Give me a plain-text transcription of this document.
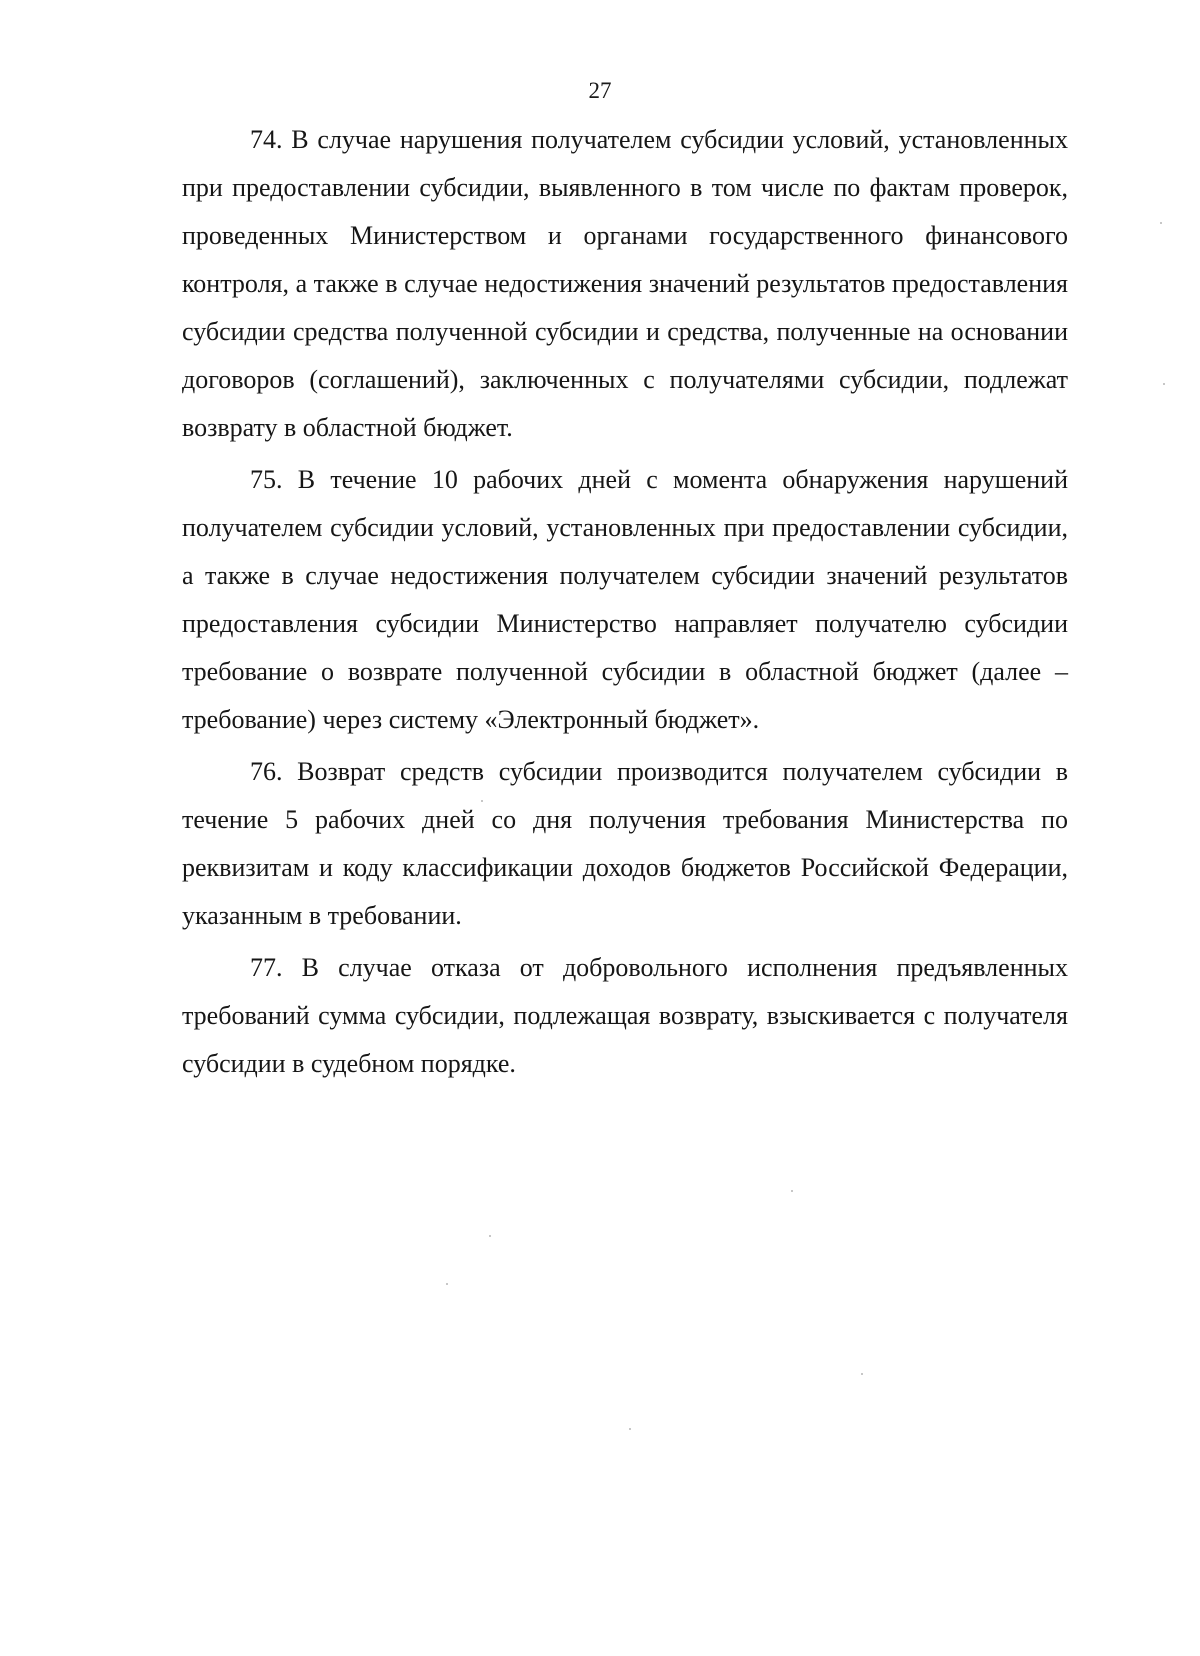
27

74. В случае нарушения получателем субсидии условий, установленных при предоставлении субсидии, выявленного в том числе по фактам проверок, проведенных Министерством и органами государственного финансового контроля, а также в случае недостижения значений результатов предоставления субсидии средства полученной субсидии и средства, полученные на основании договоров (соглашений), заключенных с получателями субсидии, подлежат возврату в областной бюджет.

75. В течение 10 рабочих дней с момента обнаружения нарушений получателем субсидии условий, установленных при предоставлении субсидии, а также в случае недостижения получателем субсидии значений результатов предоставления субсидии Министерство направляет получателю субсидии требование о возврате полученной субсидии в областной бюджет (далее – требование) через систему «Электронный бюджет».

76. Возврат средств субсидии производится получателем субсидии в течение 5 рабочих дней со дня получения требования Министерства по реквизитам и коду классификации доходов бюджетов Российской Федерации, указанным в требовании.

77. В случае отказа от добровольного исполнения предъявленных требований сумма субсидии, подлежащая возврату, взыскивается с получателя субсидии в судебном порядке.
